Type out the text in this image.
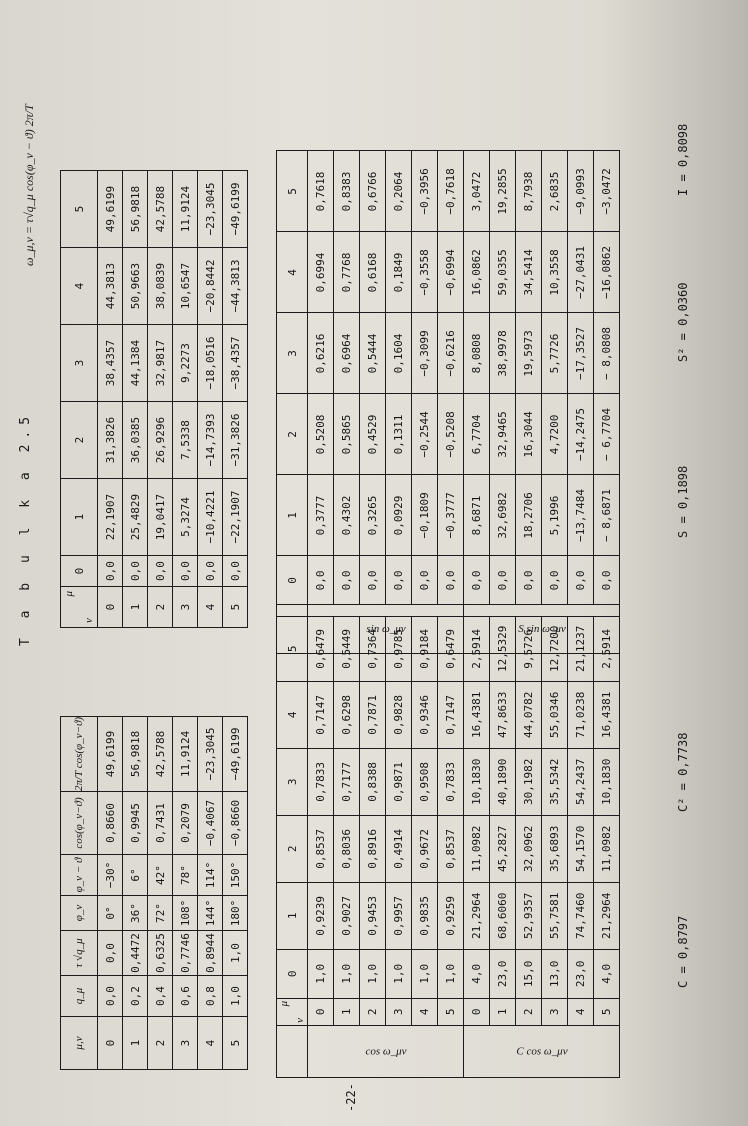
T a b u l k a 2.5
ω_μ,ν = τ√q_μ cos(φ_ν − ϑ) 2π/T
μ,ν	q_μ	τ √q_μ	φ_ν	φ_ν − ϑ	cos(φ_ν−ϑ)	2π/T cos(φ_ν−ϑ)
0	0,0	0,0	0°	−30°	0,8660	49,6199
1	0,2	0,4472	36°	6°	0,9945	56,9818
2	0,4	0,6325	72°	42°	0,7431	42,5788
3	0,6	0,7746	108°	78°	0,2079	11,9124
4	0,8	0,8944	144°	114°	−0,4067	−23,3045
5	1,0	1,0	180°	150°	−0,8660	−49,6199
μ
ν	0	1	2	3	4	5
0	0,0	22,1907	31,3826	38,4357	44,3813	49,6199
1	0,0	25,4829	36,0385	44,1384	50,9663	56,9818
2	0,0	19,0417	26,9296	32,9817	38,0839	42,5788
3	0,0	5,3274	7,5338	9,2273	10,6547	11,9124
4	0,0	−10,4221	−14,7393	−18,0516	−20,8442	−23,3045
5	0,0	−22,1907	−31,3826	−38,4357	−44,3813	−49,6199

	μ
ν	0	1	2	3	4	5

cos ω_μν	0	1,0	0,9239	0,8537	0,7833	0,7147	0,6479
	1	1,0	0,9027	0,8036	0,7177	0,6298	0,5449
	2	1,0	0,9453	0,8916	0,8388	0,7871	0,7364
	3	1,0	0,9957	0,4914	0,9871	0,9828	0,9785
	4	1,0	0,9835	0,9672	0,9508	0,9346	0,9184
	5	1,0	0,9259	0,8537	0,7833	0,7147	0,6479

C cos ω_μν	0	4,0	21,2964	11,0982	10,1830	16,4381	2,5914
	1	23,0	68,6060	45,2827	40,1890	47,8633	12,5329
	2	15,0	52,9357	32,0962	30,1982	44,0782	9,5726
	3	13,0	55,7581	35,6893	35,5342	55,0346	12,7200
	4	23,0	74,7460	54,1570	54,2437	71,0238	21,1237
	5	4,0	21,2964	11,0982	10,1830	16,4381	2,5914
	0	1	2	3	4	5

sin ω_μν	0,0	0,3777	0,5208	0,6216	0,6994	0,7618
	0,0	0,4302	0,5865	0,6964	0,7768	0,8383
	0,0	0,3265	0,4529	0,5444	0,6168	0,6766
	0,0	0,0929	0,1311	0,1604	0,1849	0,2064
	0,0	−0,1809	−0,2544	−0,3099	−0,3558	−0,3956
	0,0	−0,3777	−0,5208	−0,6216	−0,6994	−0,7618

S sin ω_μν	0,0	8,6871	6,7704	8,0808	16,0862	3,0472
	0,0	32,6982	32,9465	38,9978	59,0355	19,2855
	0,0	18,2706	16,3044	19,5973	34,5414	8,7938
	0,0	5,1996	4,7200	5,7726	10,3558	2,6835
	0,0	−13,7484	−14,2475	−17,3527	−27,0431	−9,0993
	0,0	− 8,6871	− 6,7704	− 8,0808	−16,0862	−3,0472
C = 0,8797
C² = 0,7738
S = 0,1898
S² = 0,0360
I = 0,8098
-22-
